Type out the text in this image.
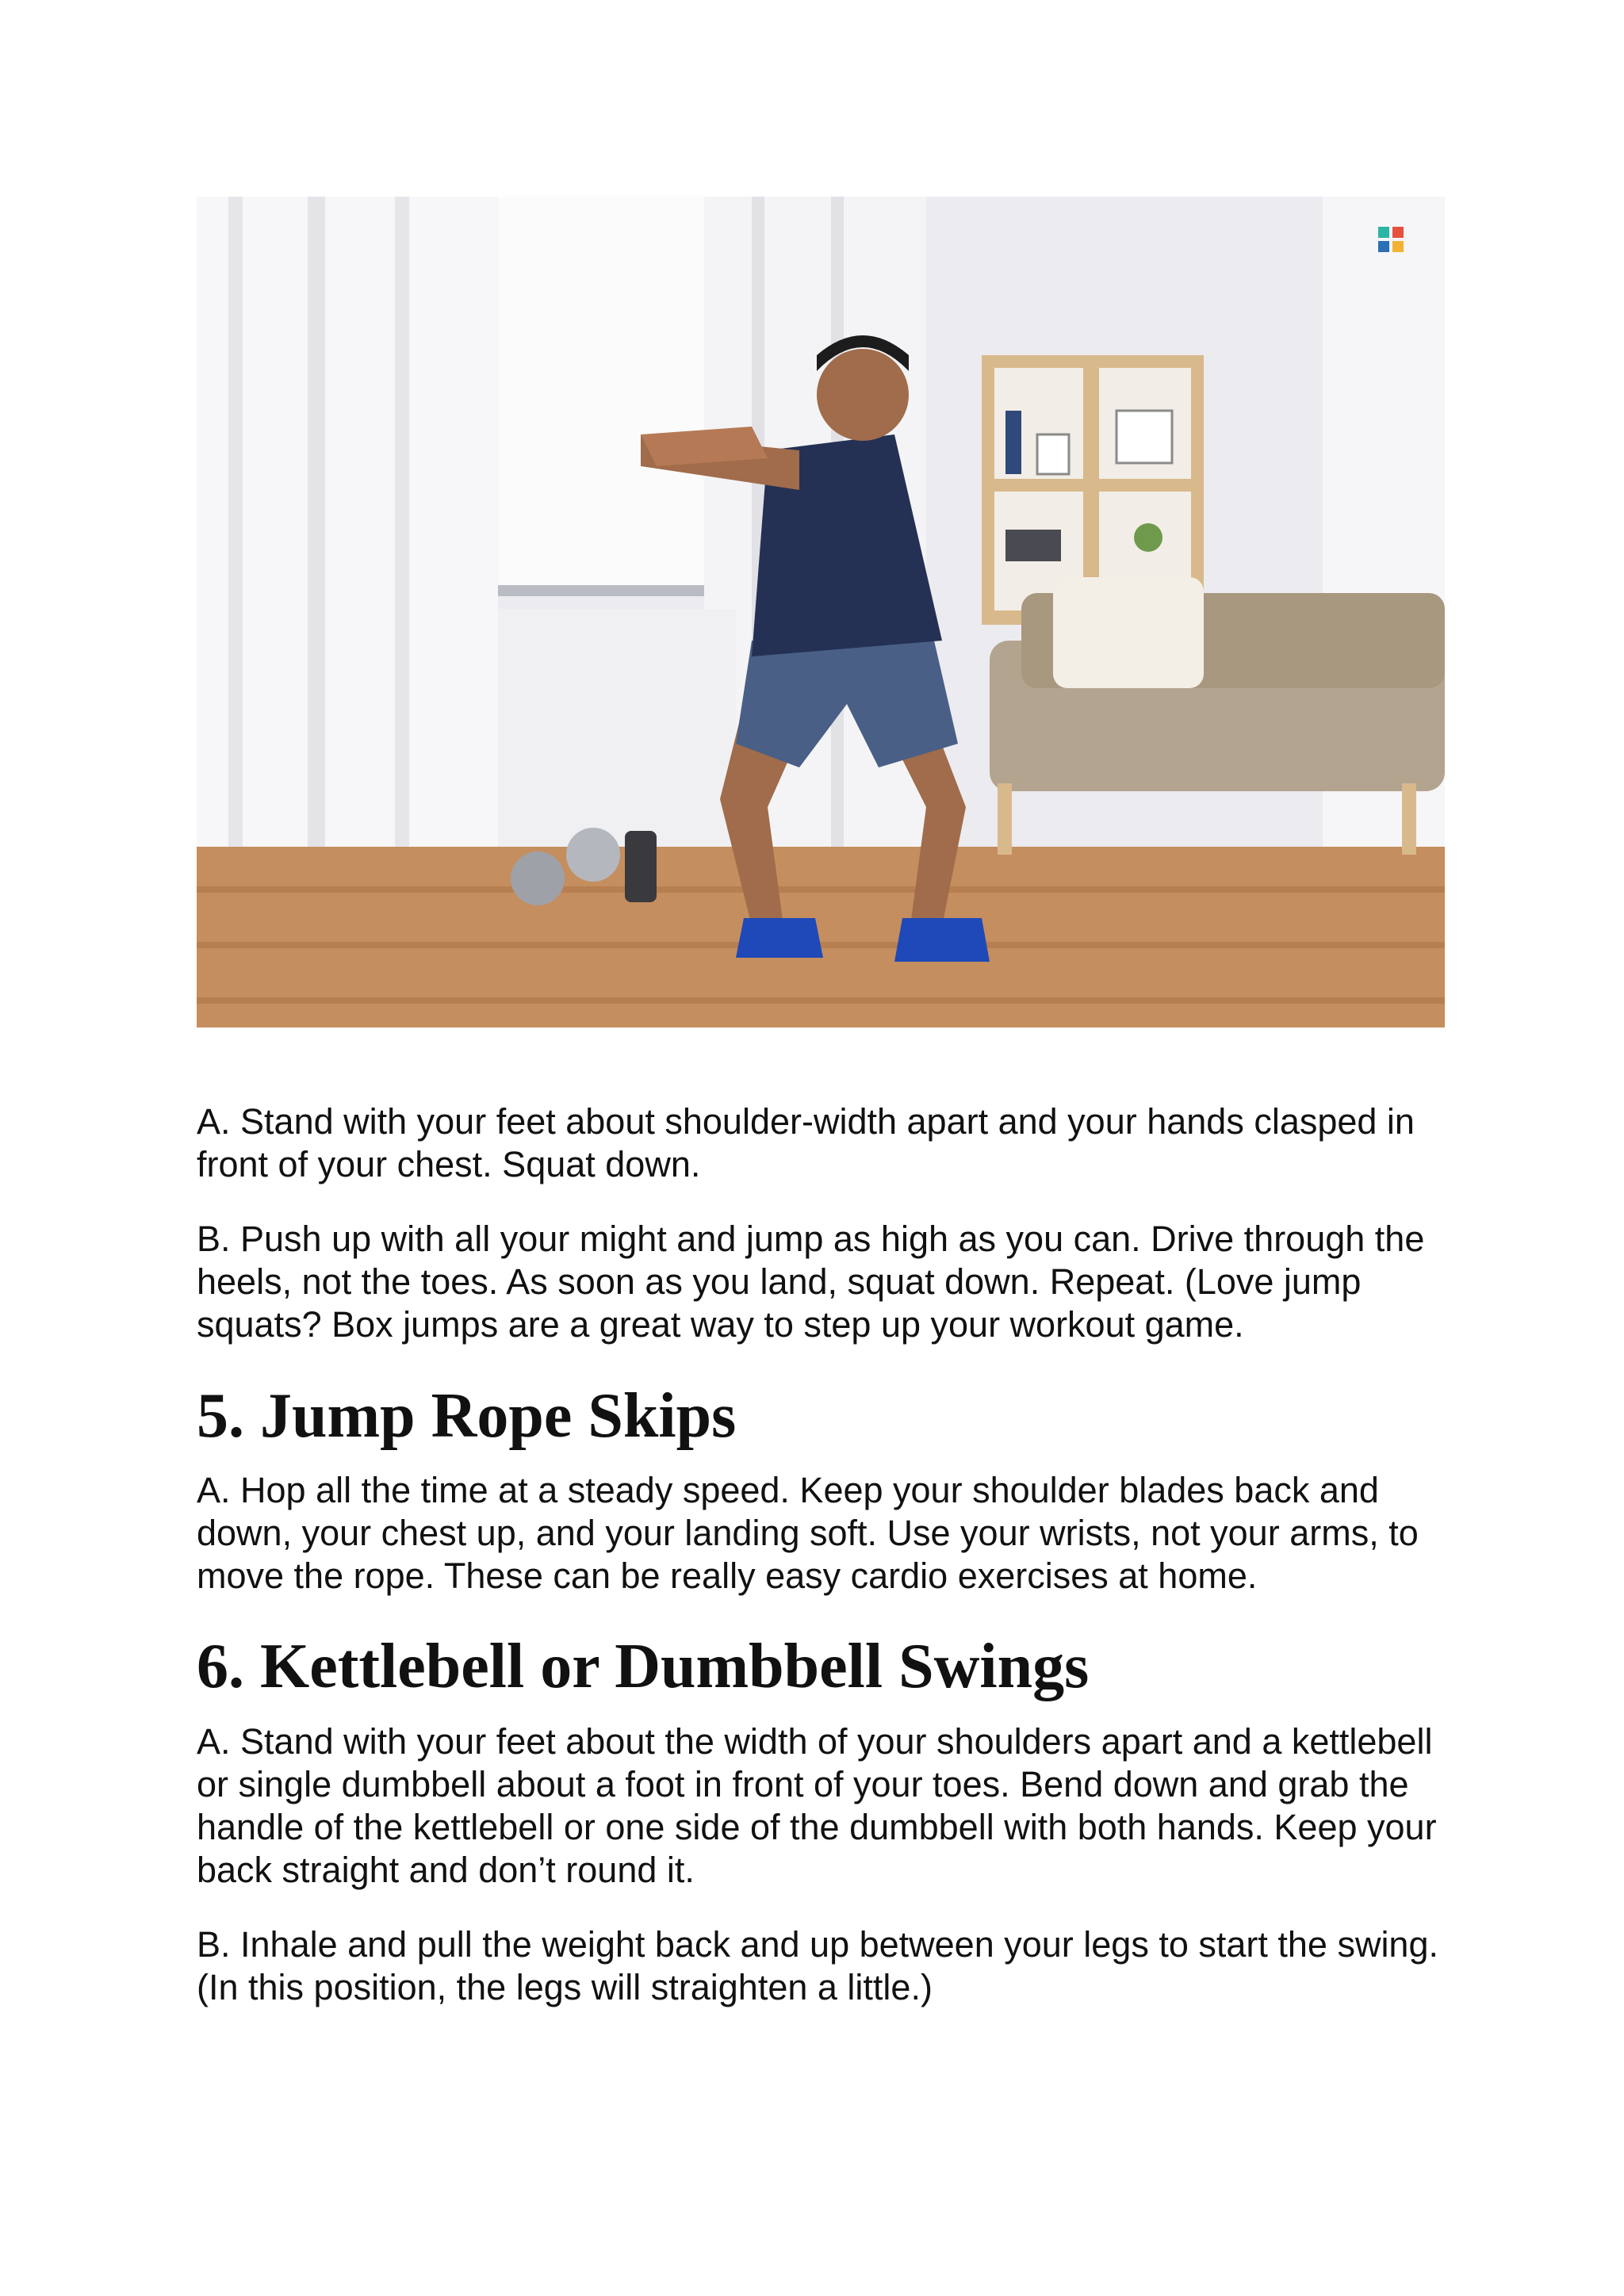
A. Stand with your feet about shoulder-width apart and your hands clasped in front of your chest. Squat down.

B. Push up with all your might and jump as high as you can. Drive through the heels, not the toes. As soon as you land, squat down. Repeat. (Love jump squats? Box jumps are a great way to step up your workout game.

5. Jump Rope Skips

A. Hop all the time at a steady speed. Keep your shoulder blades back and down, your chest up, and your landing soft. Use your wrists, not your arms, to move the rope. These can be really easy cardio exercises at home.

6. Kettlebell or Dumbbell Swings

A. Stand with your feet about the width of your shoulders apart and a kettlebell or single dumbbell about a foot in front of your toes. Bend down and grab the handle of the kettlebell or one side of the dumbbell with both hands. Keep your back straight and don’t round it.

B. Inhale and pull the weight back and up between your legs to start the swing. (In this position, the legs will straighten a little.)
